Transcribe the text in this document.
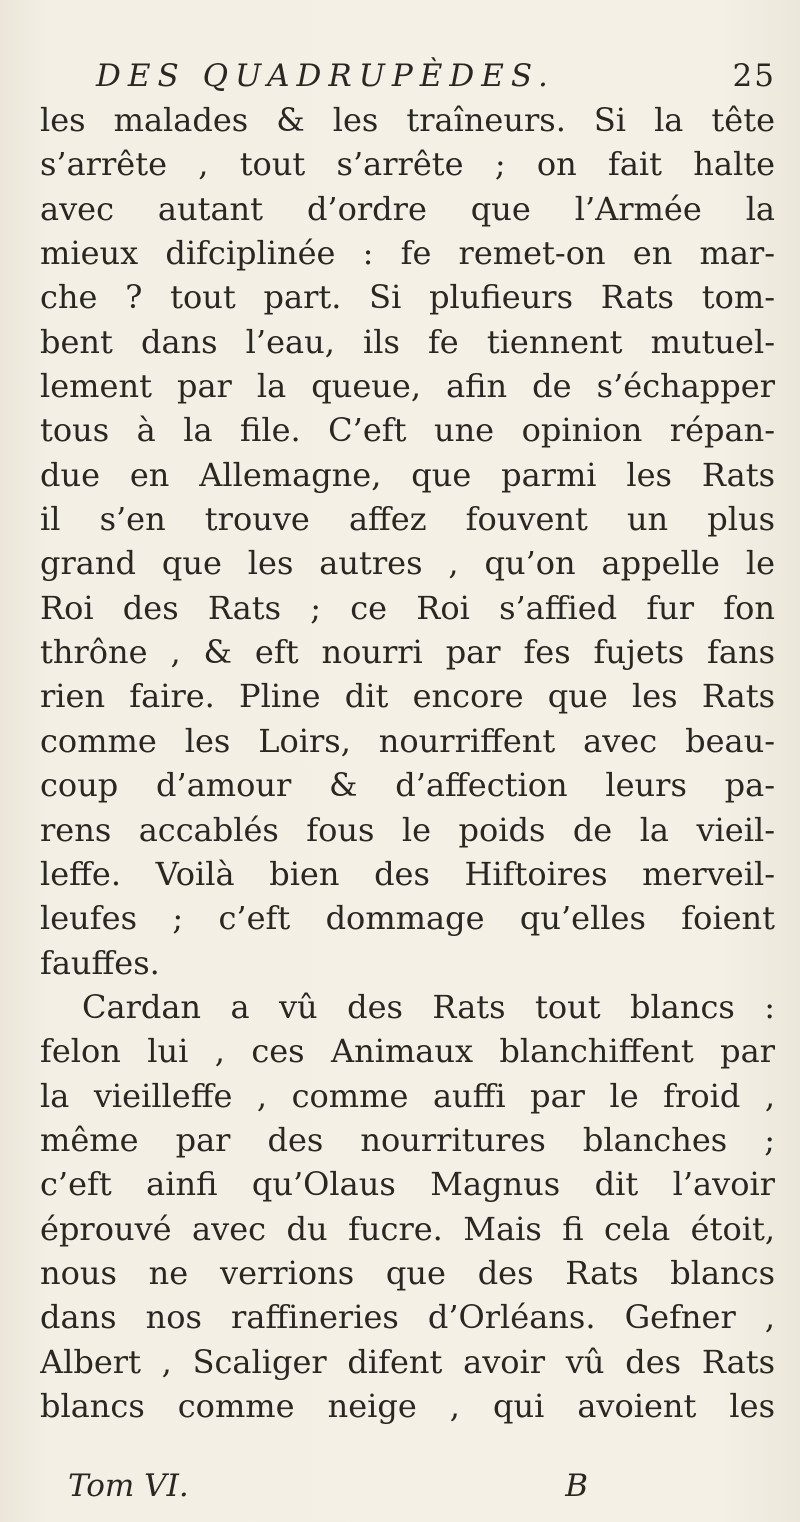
DES QUADRUPÈDES.	25
les malades & les traîneurs. Si la tête
s’arrête , tout s’arrête ; on fait halte
avec autant d’ordre que l’Armée la
mieux difciplinée : fe remet-on en mar-
che ? tout part. Si plufieurs Rats tom-
bent dans l’eau, ils fe tiennent mutuel-
lement par la queue, afin de s’échapper
tous à la file. C’eft une opinion répan-
due en Allemagne, que parmi les Rats
il s’en trouve affez fouvent un plus
grand que les autres , qu’on appelle le
Roi des Rats ; ce Roi s’affied fur fon
thrône , & eft nourri par fes fujets fans
rien faire. Pline dit encore que les Rats
comme les Loirs, nourriffent avec beau-
coup d’amour & d’affection leurs pa-
rens accablés fous le poids de la vieil-
leffe. Voilà bien des Hiftoires merveil-
leufes ; c’eft dommage qu’elles foient
fauffes.
Cardan a vû des Rats tout blancs :
felon lui , ces Animaux blanchiffent par
la vieilleffe , comme auffi par le froid ,
même par des nourritures blanches ;
c’eft ainfi qu’Olaus Magnus dit l’avoir
éprouvé avec du fucre. Mais fi cela étoit,
nous ne verrions que des Rats blancs
dans nos raffineries d’Orléans. Gefner ,
Albert , Scaliger difent avoir vû des Rats
blancs comme neige , qui avoient les
Tom VI.	B
